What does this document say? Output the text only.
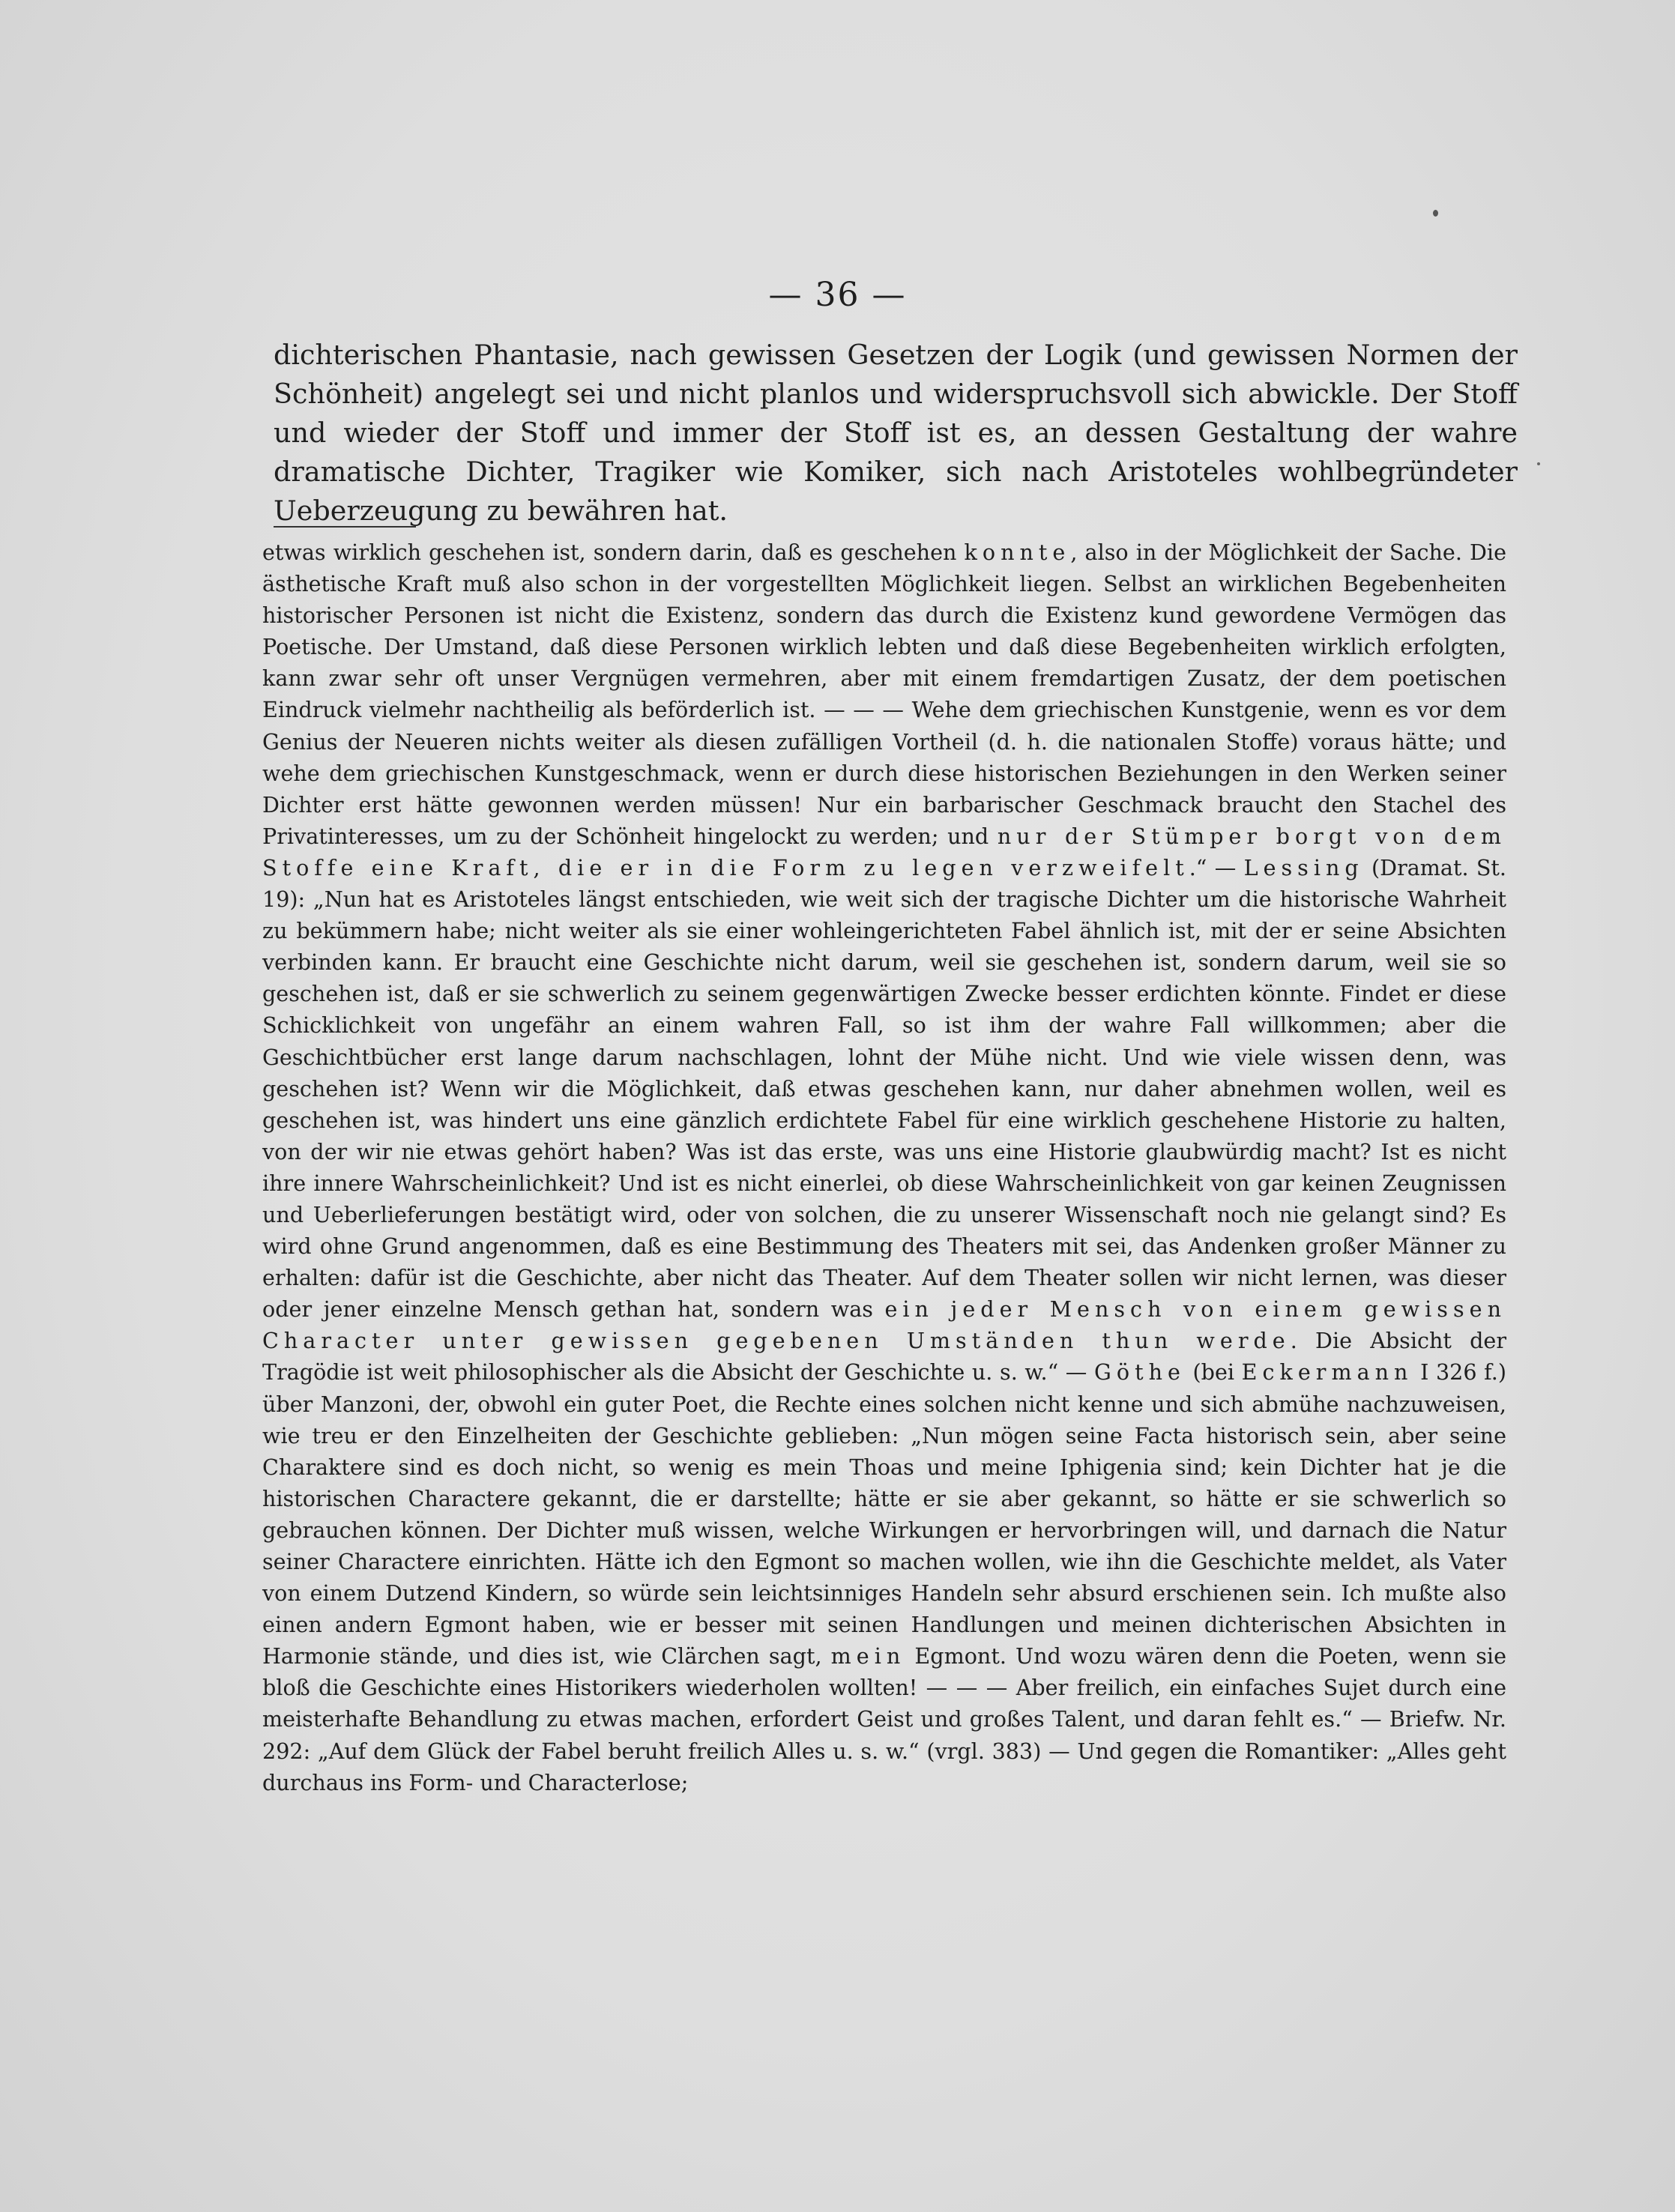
— 36 —

dichterischen Phantasie, nach gewissen Gesetzen der Logik (und gewissen Normen der Schönheit) angelegt sei und nicht planlos und widerspruchsvoll sich abwickle. Der Stoff und wieder der Stoff und immer der Stoff ist es, an dessen Gestaltung der wahre dramatische Dichter, Tragiker wie Komiker, sich nach Aristoteles wohlbegründeter Ueberzeugung zu bewähren hat.

etwas wirklich geschehen ist, sondern darin, daß es geschehen konnte, also in der Möglichkeit der Sache. Die ästhetische Kraft muß also schon in der vorgestellten Möglichkeit liegen. Selbst an wirklichen Begebenheiten historischer Personen ist nicht die Existenz, sondern das durch die Existenz kund gewordene Vermögen das Poetische. Der Umstand, daß diese Personen wirklich lebten und daß diese Begebenheiten wirklich erfolgten, kann zwar sehr oft unser Vergnügen vermehren, aber mit einem fremdartigen Zusatz, der dem poetischen Eindruck vielmehr nachtheilig als beförderlich ist. — — — Wehe dem griechischen Kunstgenie, wenn es vor dem Genius der Neueren nichts weiter als diesen zufälligen Vortheil (d. h. die nationalen Stoffe) voraus hätte; und wehe dem griechischen Kunstgeschmack, wenn er durch diese historischen Beziehungen in den Werken seiner Dichter erst hätte gewonnen werden müssen! Nur ein barbarischer Geschmack braucht den Stachel des Privatinteresses, um zu der Schönheit hingelockt zu werden; und nur der Stümper borgt von dem Stoffe eine Kraft, die er in die Form zu legen verzweifelt.“ — Lessing (Dramat. St. 19): „Nun hat es Aristoteles längst entschieden, wie weit sich der tragische Dichter um die historische Wahrheit zu bekümmern habe; nicht weiter als sie einer wohleingerichteten Fabel ähnlich ist, mit der er seine Absichten verbinden kann. Er braucht eine Geschichte nicht darum, weil sie geschehen ist, sondern darum, weil sie so geschehen ist, daß er sie schwerlich zu seinem gegenwärtigen Zwecke besser erdichten könnte. Findet er diese Schicklichkeit von ungefähr an einem wahren Fall, so ist ihm der wahre Fall willkommen; aber die Geschichtbücher erst lange darum nachschlagen, lohnt der Mühe nicht. Und wie viele wissen denn, was geschehen ist? Wenn wir die Möglichkeit, daß etwas geschehen kann, nur daher abnehmen wollen, weil es geschehen ist, was hindert uns eine gänzlich erdichtete Fabel für eine wirklich geschehene Historie zu halten, von der wir nie etwas gehört haben? Was ist das erste, was uns eine Historie glaubwürdig macht? Ist es nicht ihre innere Wahrscheinlichkeit? Und ist es nicht einerlei, ob diese Wahrscheinlichkeit von gar keinen Zeugnissen und Ueberlieferungen bestätigt wird, oder von solchen, die zu unserer Wissenschaft noch nie gelangt sind? Es wird ohne Grund angenommen, daß es eine Bestimmung des Theaters mit sei, das Andenken großer Männer zu erhalten: dafür ist die Geschichte, aber nicht das Theater. Auf dem Theater sollen wir nicht lernen, was dieser oder jener einzelne Mensch gethan hat, sondern was ein jeder Mensch von einem gewissen Character unter gewissen gegebenen Umständen thun werde. Die Absicht der Tragödie ist weit philosophischer als die Absicht der Geschichte u. s. w.“ — Göthe (bei Eckermann I 326 f.) über Manzoni, der, obwohl ein guter Poet, die Rechte eines solchen nicht kenne und sich abmühe nachzuweisen, wie treu er den Einzelheiten der Geschichte geblieben: „Nun mögen seine Facta historisch sein, aber seine Charaktere sind es doch nicht, so wenig es mein Thoas und meine Iphigenia sind; kein Dichter hat je die historischen Charactere gekannt, die er darstellte; hätte er sie aber gekannt, so hätte er sie schwerlich so gebrauchen können. Der Dichter muß wissen, welche Wirkungen er hervorbringen will, und darnach die Natur seiner Charactere einrichten. Hätte ich den Egmont so machen wollen, wie ihn die Geschichte meldet, als Vater von einem Dutzend Kindern, so würde sein leichtsinniges Handeln sehr absurd erschienen sein. Ich mußte also einen andern Egmont haben, wie er besser mit seinen Handlungen und meinen dichterischen Absichten in Harmonie stände, und dies ist, wie Clärchen sagt, mein Egmont. Und wozu wären denn die Poeten, wenn sie bloß die Geschichte eines Historikers wiederholen wollten! — — — Aber freilich, ein einfaches Sujet durch eine meisterhafte Behandlung zu etwas machen, erfordert Geist und großes Talent, und daran fehlt es.“ — Briefw. Nr. 292: „Auf dem Glück der Fabel beruht freilich Alles u. s. w.“ (vrgl. 383) — Und gegen die Romantiker: „Alles geht durchaus ins Form- und Characterlose;
